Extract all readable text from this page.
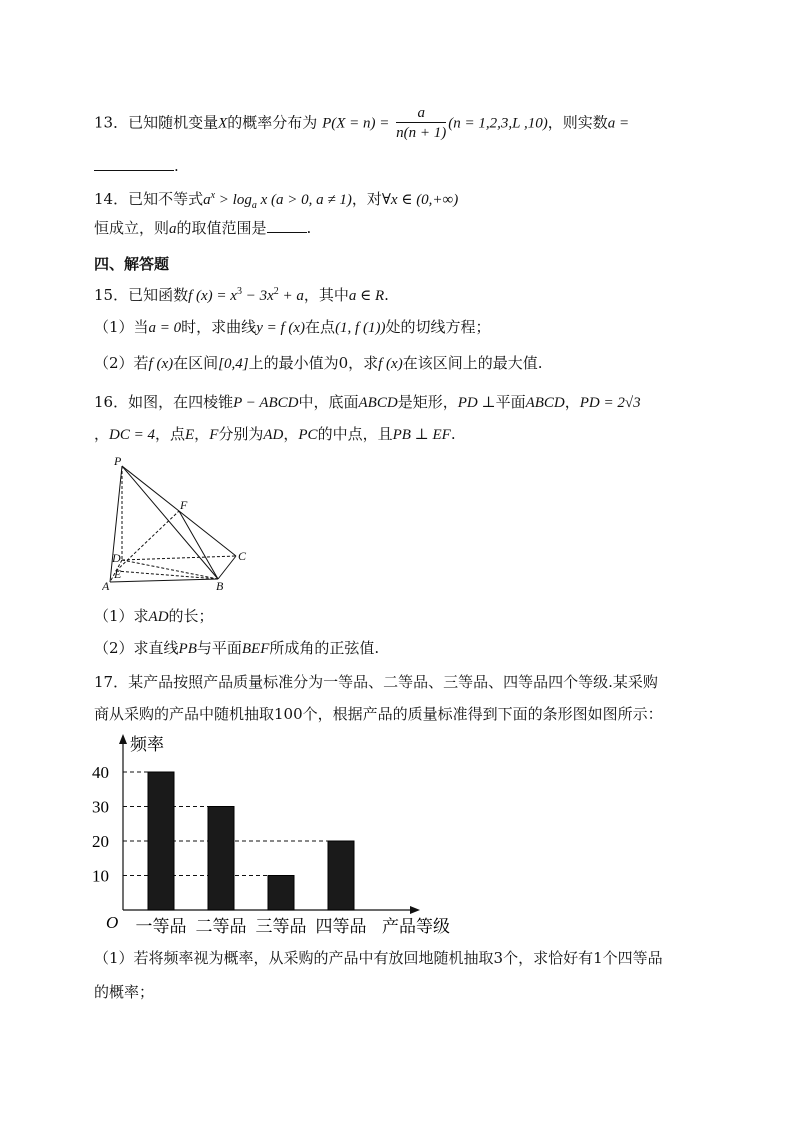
13．已知随机变量X的概率分布为 $P(X = n) = \frac{a}{n(n + 1)} (n = 1,2,3,L$ ,10)，则实数a =
.
14．已知不等式$a^x > \log_a x$ (a > 0, a ≠ 1)，对∀x ∈ (0,+∞)
恒成立，则a的取值范围是	.
四、解答题
15．已知函数f $(x) = x^3 - 3x^2 + a$，其中a ∈ R.
（1）当a = 0时，求曲线y = f (x)在点(1, f (1))处的切线方程；
（2）若f (x)在区间[0,4]上的最小值为0，求f (x)在该区间上的最大值.
16．如图，在四棱锥P − ABCD中，底面ABCD是矩形，PD ⊥平面ABCD，PD = 2√3
，DC = 4，点E，F分别为AD，PC的中点，且PB ⊥ EF.
P
F
D	C
E
A	B
（1）求AD的长；
（2）求直线PB与平面BEF所成角的正弦值.
17．某产品按照产品质量标准分为一等品、二等品、三等品、四等品四个等级.某采购
商从采购的产品中随机抽取100个，根据产品的质量标准得到下面的条形图如图所示：
频率
O	产品等级
10
20
30
40
一等品 二等品 三等品 四等品
（1）若将频率视为概率，从采购的产品中有放回地随机抽取3个，求恰好有1个四等品
的概率；
